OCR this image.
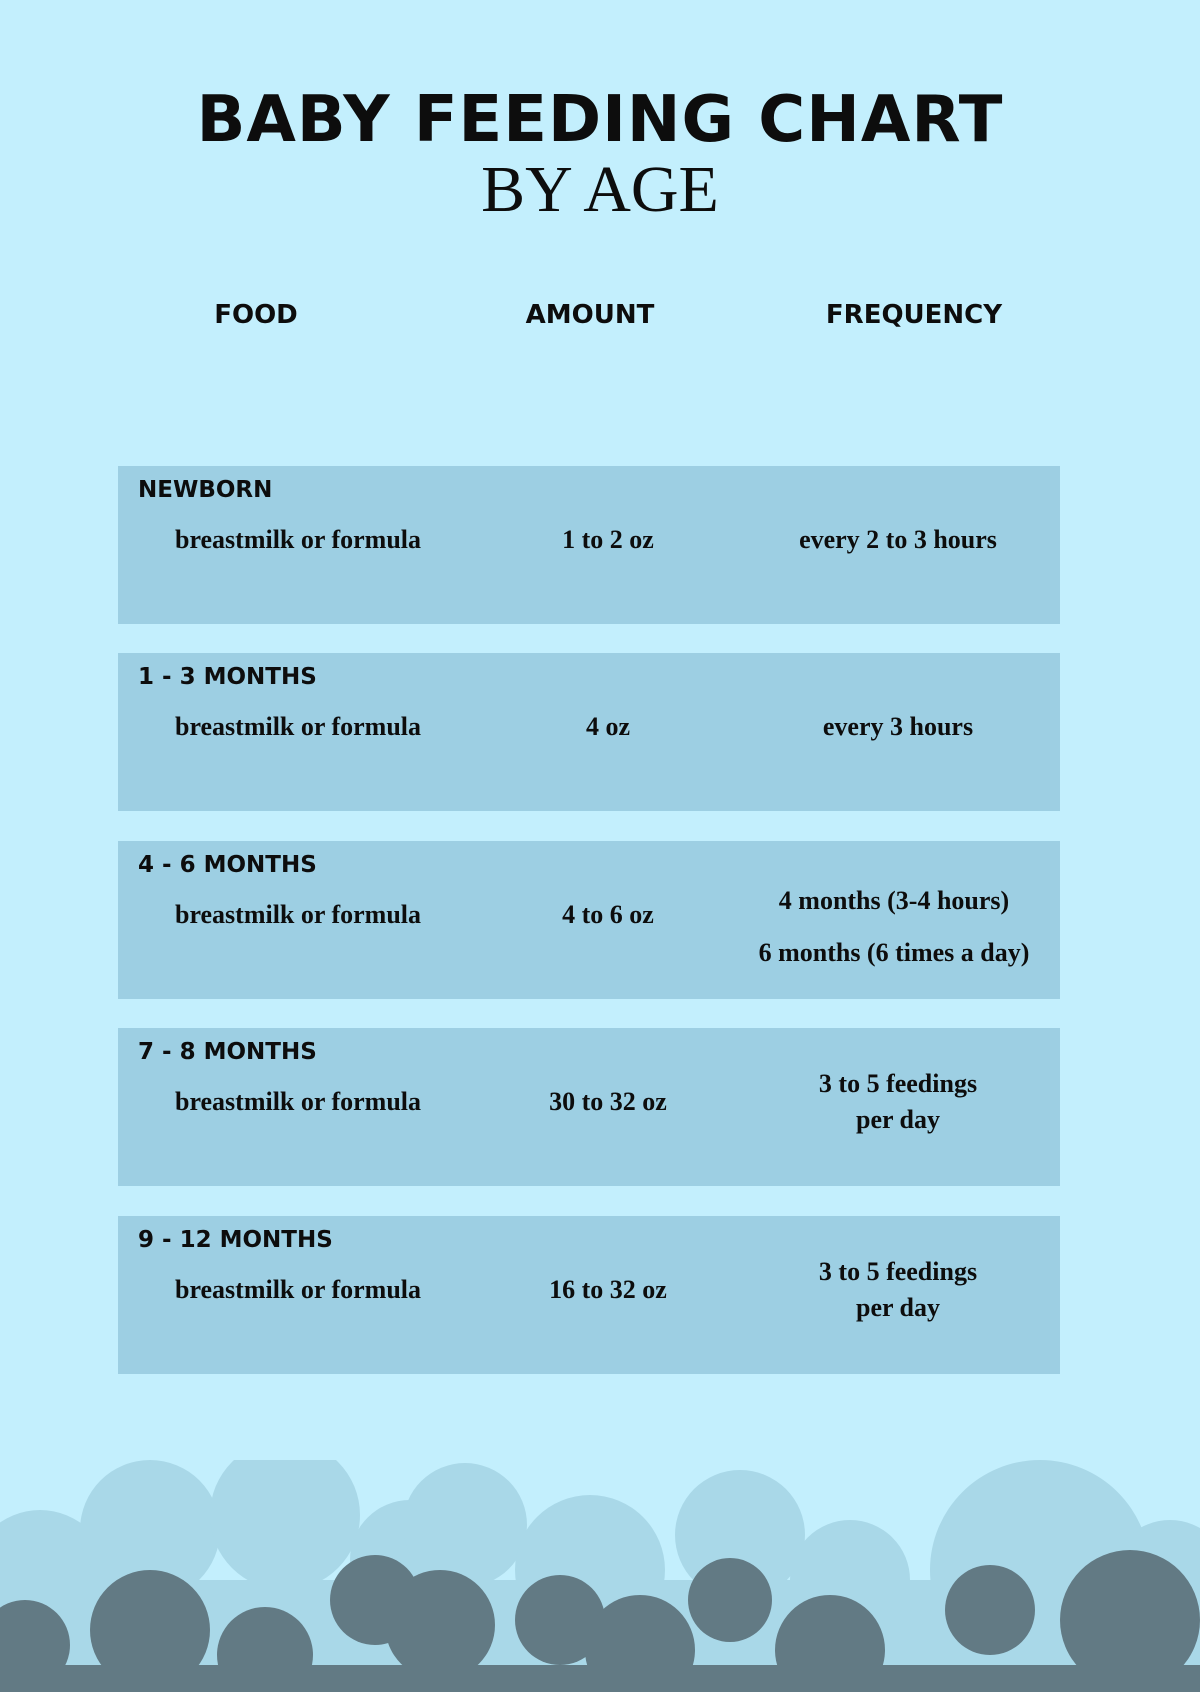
BABY FEEDING CHART
BY AGE
FOOD	AMOUNT	FREQUENCY
NEWBORN
breastmilk or formula	1 to 2 oz	every 2 to 3 hours
1 - 3 MONTHS
breastmilk or formula	4 oz	every 3 hours
4 - 6 MONTHS
breastmilk or formula	4 to 6 oz	4 months (3-4 hours)
6 months (6 times a day)
7 - 8 MONTHS
breastmilk or formula	30 to 32 oz
3 to 5 feedings
per day
9 - 12 MONTHS
breastmilk or formula	16 to 32 oz
3 to 5 feedings
per day
